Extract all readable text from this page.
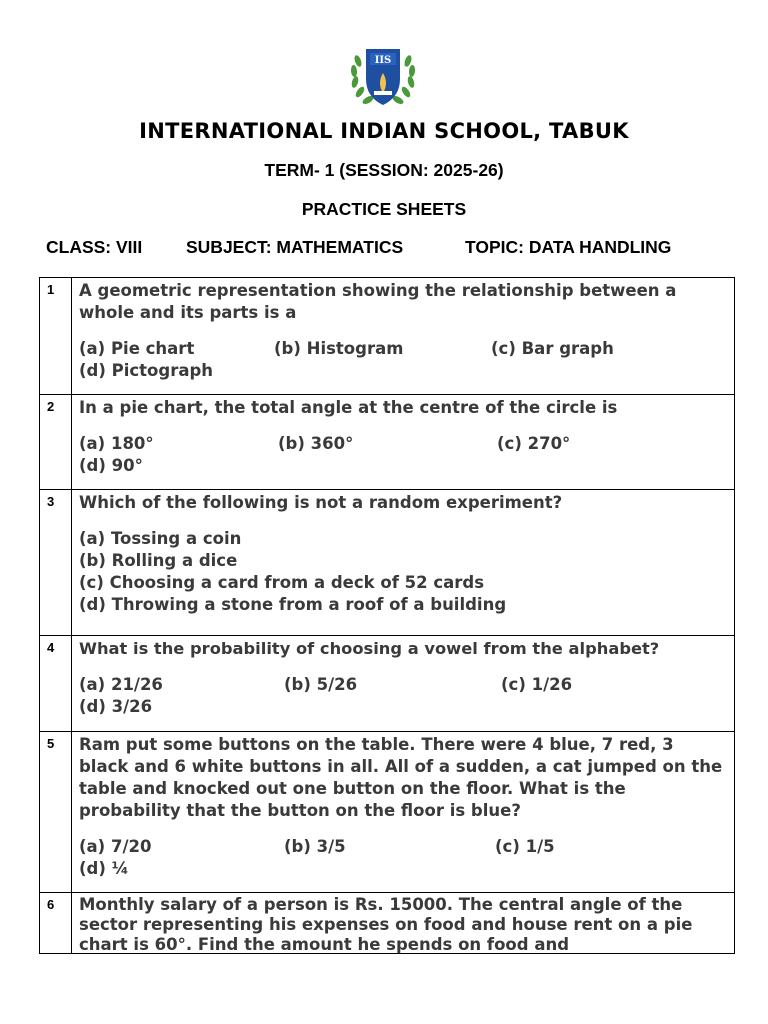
IIS
INTERNATIONAL INDIAN SCHOOL, TABUK
TERM- 1 (SESSION: 2025-26)
PRACTICE SHEETS
CLASS: VIII SUBJECT: MATHEMATICS	TOPIC: DATA HANDLING
1	A geometric representation showing the relationship between a whole and its parts is a

(a) Pie chart (b) Histogram (c) Bar graph(d) Pictograph

2	In a pie chart, the total angle at the centre of the circle is

(a) 180° (b) 360° (c) 270°
(d) 90°

3	Which of the following is not a random experiment?

(a) Tossing a coin
(b) Rolling a dice
(c) Choosing a card from a deck of 52 cards
(d) Throwing a stone from a roof of a building

4	What is the probability of choosing a vowel from the alphabet?

(a) 21/26 (b) 5/26 (c) 1/26
(d) 3/26

5	Ram put some buttons on the table. There were 4 blue, 7 red, 3 black and 6 white buttons in all. All of a sudden, a cat jumped on the table and knocked out one button on the floor. What is the probability that the button on the floor is blue?

(a) 7/20 (b) 3/5 (c) 1/5
(d) ¼

6	Monthly salary of a person is Rs. 15000. The central angle of the sector representing his expenses on food and house rent on a pie chart is 60°. Find the amount he spends on food and
